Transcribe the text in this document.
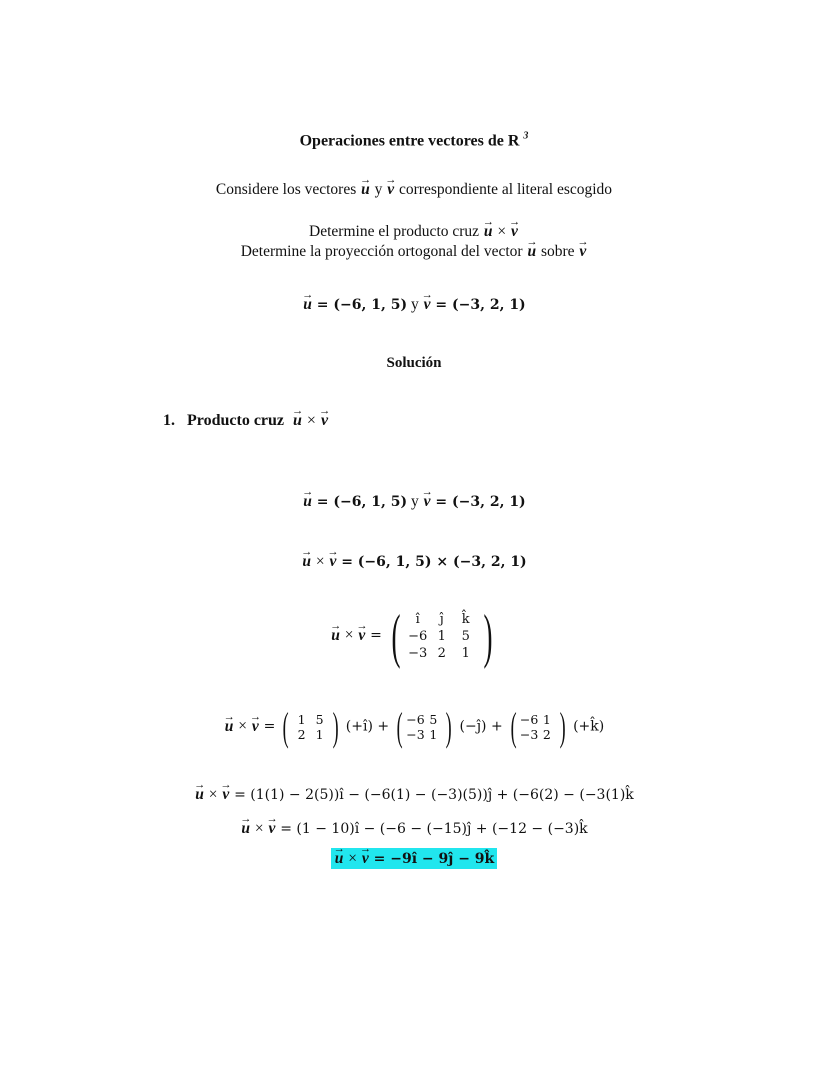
Operaciones entre vectores de R $^3$
Considere los vectores → u y → v correspondiente al literal escogido
Determine el producto cruz → u × → v
Determine la proyección ortogonal del vector → u sobre → v
→ u = (−6, 1, 5) y → v = (−3, 2, 1)
Solución
1. Producto cruz → u × → v
→ u = (−6, 1, 5) y → v = (−3, 2, 1)
→ u × → v = (−6, 1, 5) × (−3, 2, 1)
→ u × → v = (	î	ĵ	k̂
−6 1	5
−3 2	1 )
→ u × → v = ( 1 5
2 1 ) (+î) + ( −6 5
−3 1 ) (−ĵ) + ( −6 1
−3 2 ) (+k̂)
→ u × → v = (1(1) − 2(5))î − (−6(1) − (−3)(5))ĵ + (−6(2) − (−3(1)k̂
→ u × → v = (1 − 10)î − (−6 − (−15)ĵ + (−12 − (−3)k̂
→ u × → v = −9î − 9ĵ − 9k̂
